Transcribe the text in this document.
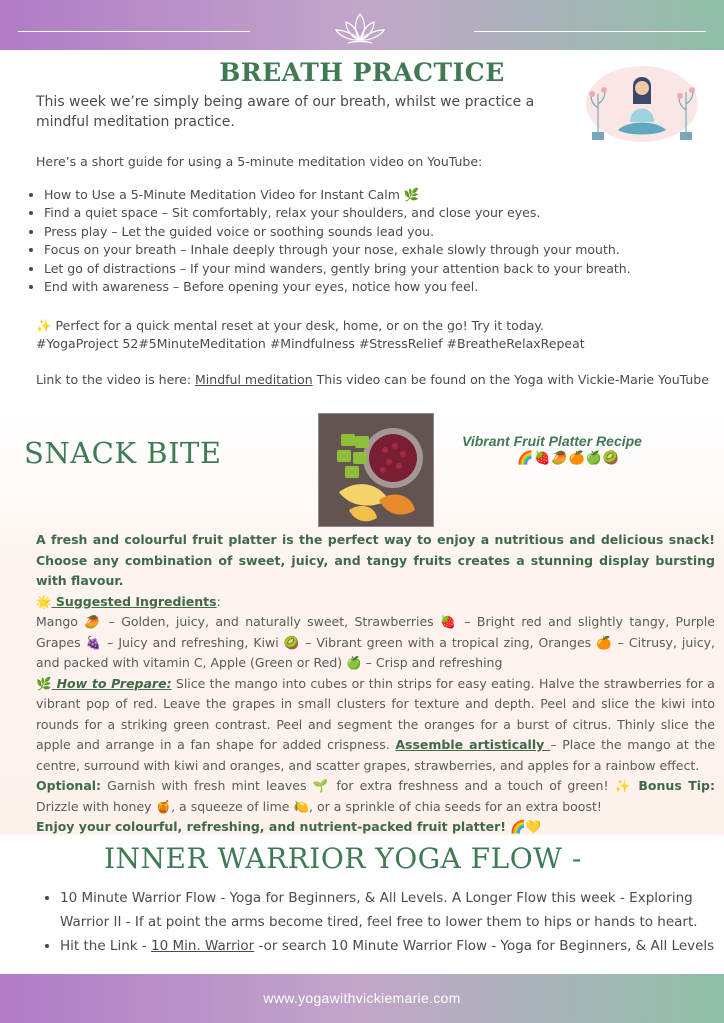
BREATH PRACTICE
This week we’re simply being aware of our breath, whilst we practice a mindful meditation practice.
Here’s a short guide for using a 5-minute meditation video on YouTube:
• How to Use a 5-Minute Meditation Video for Instant Calm 🌿
• Find a quiet space – Sit comfortably, relax your shoulders, and close your eyes.
• Press play – Let the guided voice or soothing sounds lead you.
• Focus on your breath – Inhale deeply through your nose, exhale slowly through your mouth.
• Let go of distractions – If your mind wanders, gently bring your attention back to your breath.
• End with awareness – Before opening your eyes, notice how you feel.
✨ Perfect for a quick mental reset at your desk, home, or on the go! Try it today.
#YogaProject 52#5MinuteMeditation #Mindfulness #StressRelief #BreatheRelaxRepeat
Link to the video is here: Mindful meditation This video can be found on the Yoga with Vickie-Marie YouTube
SNACK BITE	Vibrant Fruit Platter Recipe
🌈🍓🥭🍊🍏🥝

A fresh and colourful fruit platter is the perfect way to enjoy a nutritious and delicious snack! Choose any combination of sweet, juicy, and tangy fruits creates a stunning display bursting with flavour.

🌟 Suggested Ingredients:

Mango 🥭 – Golden, juicy, and naturally sweet, Strawberries 🍓 – Bright red and slightly tangy, Purple Grapes 🍇 – Juicy and refreshing, Kiwi 🥝 – Vibrant green with a tropical zing, Oranges 🍊 – Citrusy, juicy, and packed with vitamin C, Apple (Green or Red) 🍏 – Crisp and refreshing

🌿 How to Prepare: Slice the mango into cubes or thin strips for easy eating. Halve the strawberries for a vibrant pop of red. Leave the grapes in small clusters for texture and depth. Peel and slice the kiwi into rounds for a striking green contrast. Peel and segment the oranges for a burst of citrus. Thinly slice the apple and arrange in a fan shape for added crispness. Assemble artistically – Place the mango at the centre, surround with kiwi and oranges, and scatter grapes, strawberries, and apples for a rainbow effect.

Optional: Garnish with fresh mint leaves 🌱 for extra freshness and a touch of green! ✨ Bonus Tip: Drizzle with honey 🍯, a squeeze of lime 🍋, or a sprinkle of chia seeds for an extra boost!

Enjoy your colourful, refreshing, and nutrient-packed fruit platter! 🌈💛

INNER WARRIOR YOGA FLOW -
• 10 Minute Warrior Flow - Yoga for Beginners, & All Levels. A Longer Flow this week - Exploring Warrior II - If at point the arms become tired, feel free to lower them to hips or hands to heart.
• Hit the Link - 10 Min. Warrior -or search 10 Minute Warrior Flow - Yoga for Beginners, & All Levels
www.yogawithvickiemarie.com
